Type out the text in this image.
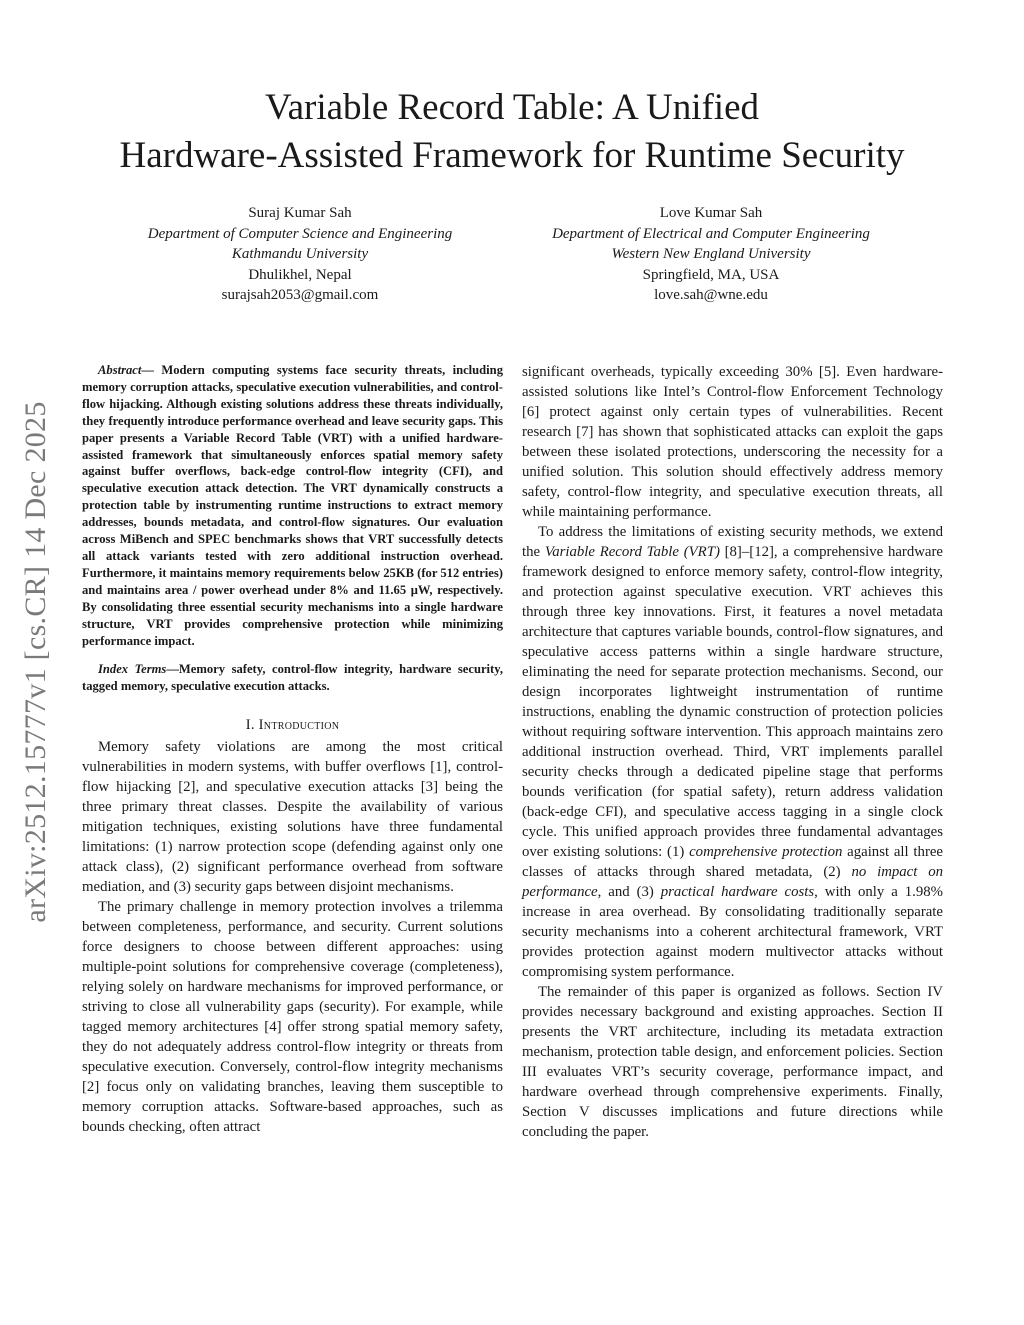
Variable Record Table: A Unified
Hardware-Assisted Framework for Runtime Security
Suraj Kumar Sah
Department of Computer Science and Engineering
Kathmandu University
Dhulikhel, Nepal
surajsah2053@gmail.com
Love Kumar Sah
Department of Electrical and Computer Engineering
Western New England University
Springfield, MA, USA
love.sah@wne.edu
arXiv:2512.15777v1 [cs.CR] 14 Dec 2025

Abstract— Modern computing systems face security threats, including memory corruption attacks, speculative execution vulnerabilities, and control-flow hijacking. Although existing solutions address these threats individually, they frequently introduce performance overhead and leave security gaps. This paper presents a Variable Record Table (VRT) with a unified hardware-assisted framework that simultaneously enforces spatial memory safety against buffer overflows, back-edge control-flow integrity (CFI), and speculative execution attack detection. The VRT dynamically constructs a protection table by instrumenting runtime instructions to extract memory addresses, bounds metadata, and control-flow signatures. Our evaluation across MiBench and SPEC benchmarks shows that VRT successfully detects all attack variants tested with zero additional instruction overhead. Furthermore, it maintains memory requirements below 25KB (for 512 entries) and maintains area / power overhead under 8% and 11.65 μW, respectively. By consolidating three essential security mechanisms into a single hardware structure, VRT provides comprehensive protection while minimizing performance impact.

Index Terms—Memory safety, control-flow integrity, hardware security, tagged memory, speculative execution attacks.

I. Introduction

Memory safety violations are among the most critical vulnerabilities in modern systems, with buffer overflows [1], control-flow hijacking [2], and speculative execution attacks [3] being the three primary threat classes. Despite the availability of various mitigation techniques, existing solutions have three fundamental limitations: (1) narrow protection scope (defending against only one attack class), (2) significant performance overhead from software mediation, and (3) security gaps between disjoint mechanisms.

The primary challenge in memory protection involves a trilemma between completeness, performance, and security. Current solutions force designers to choose between different approaches: using multiple-point solutions for comprehensive coverage (completeness), relying solely on hardware mechanisms for improved performance, or striving to close all vulnerability gaps (security). For example, while tagged memory architectures [4] offer strong spatial memory safety, they do not adequately address control-flow integrity or threats from speculative execution. Conversely, control-flow integrity mechanisms [2] focus only on validating branches, leaving them susceptible to memory corruption attacks. Software-based approaches, such as bounds checking, often attract

significant overheads, typically exceeding 30% [5]. Even hardware-assisted solutions like Intel’s Control-flow Enforcement Technology [6] protect against only certain types of vulnerabilities. Recent research [7] has shown that sophisticated attacks can exploit the gaps between these isolated protections, underscoring the necessity for a unified solution. This solution should effectively address memory safety, control-flow integrity, and speculative execution threats, all while maintaining performance.

To address the limitations of existing security methods, we extend the Variable Record Table (VRT) [8]–[12], a comprehensive hardware framework designed to enforce memory safety, control-flow integrity, and protection against speculative execution. VRT achieves this through three key innovations. First, it features a novel metadata architecture that captures variable bounds, control-flow signatures, and speculative access patterns within a single hardware structure, eliminating the need for separate protection mechanisms. Second, our design incorporates lightweight instrumentation of runtime instructions, enabling the dynamic construction of protection policies without requiring software intervention. This approach maintains zero additional instruction overhead. Third, VRT implements parallel security checks through a dedicated pipeline stage that performs bounds verification (for spatial safety), return address validation (back-edge CFI), and speculative access tagging in a single clock cycle. This unified approach provides three fundamental advantages over existing solutions: (1) comprehensive protection against all three classes of attacks through shared metadata, (2) no impact on performance, and (3) practical hardware costs, with only a 1.98% increase in area overhead. By consolidating traditionally separate security mechanisms into a coherent architectural framework, VRT provides protection against modern multivector attacks without compromising system performance.

The remainder of this paper is organized as follows. Section IV provides necessary background and existing approaches. Section II presents the VRT architecture, including its metadata extraction mechanism, protection table design, and enforcement policies. Section III evaluates VRT’s security coverage, performance impact, and hardware overhead through comprehensive experiments. Finally, Section V discusses implications and future directions while concluding the paper.
